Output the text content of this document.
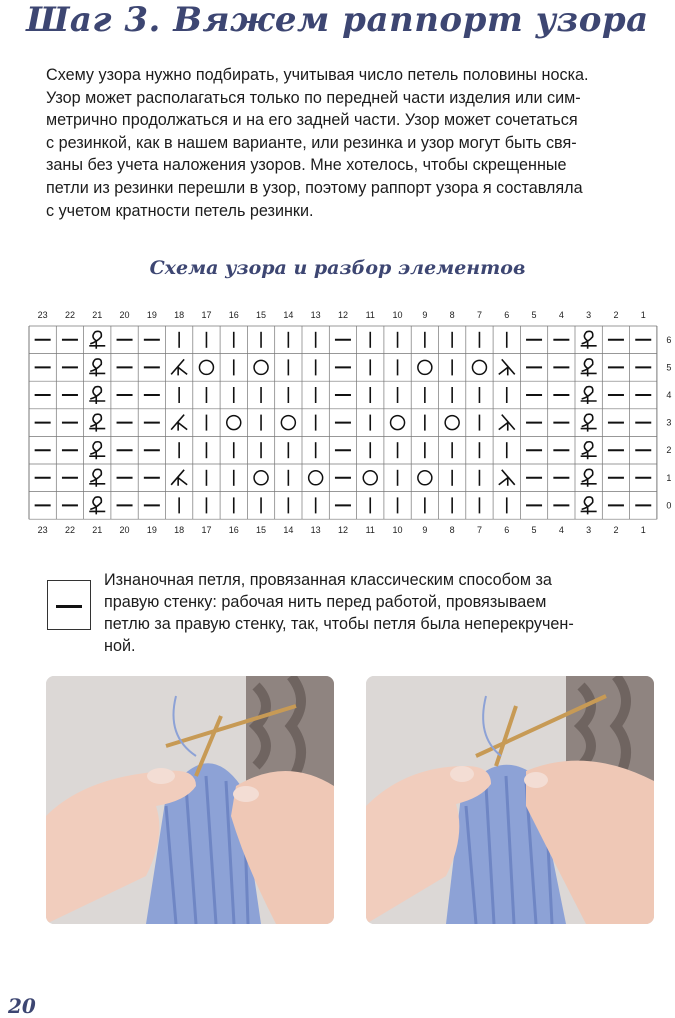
Шаг 3. Вяжем раппорт узора

Схему узора нужно подбирать, учитывая число петель половины носка.
Узор может располагаться только по передней части изделия или сим-
метрично продолжаться и на его задней части. Узор может сочетаться
с резинкой, как в нашем варианте, или резинка и узор могут быть свя-
заны без учета наложения узоров. Мне хотелось, чтобы скрещенные
петли из резинки перешли в узор, поэтому раппорт узора я составляла
с учетом кратности петель резинки.

Схема узора и разбор элементов
23 22 21 20 19 18 17 16 15 14 13 12 11 10 9 8 7 6 5 4 3 2 1
23 22 21 20 19 18 17 16 15 14 13 12 11 10 9 8 7 6 5 4 3 2 1
6
5
4
3
2
1
0

Изнаночная петля, провязанная классическим способом за
правую стенку: рабочая нить перед работой, провязываем
петлю за правую стенку, так, чтобы петля была неперекручен-
ной.

20
